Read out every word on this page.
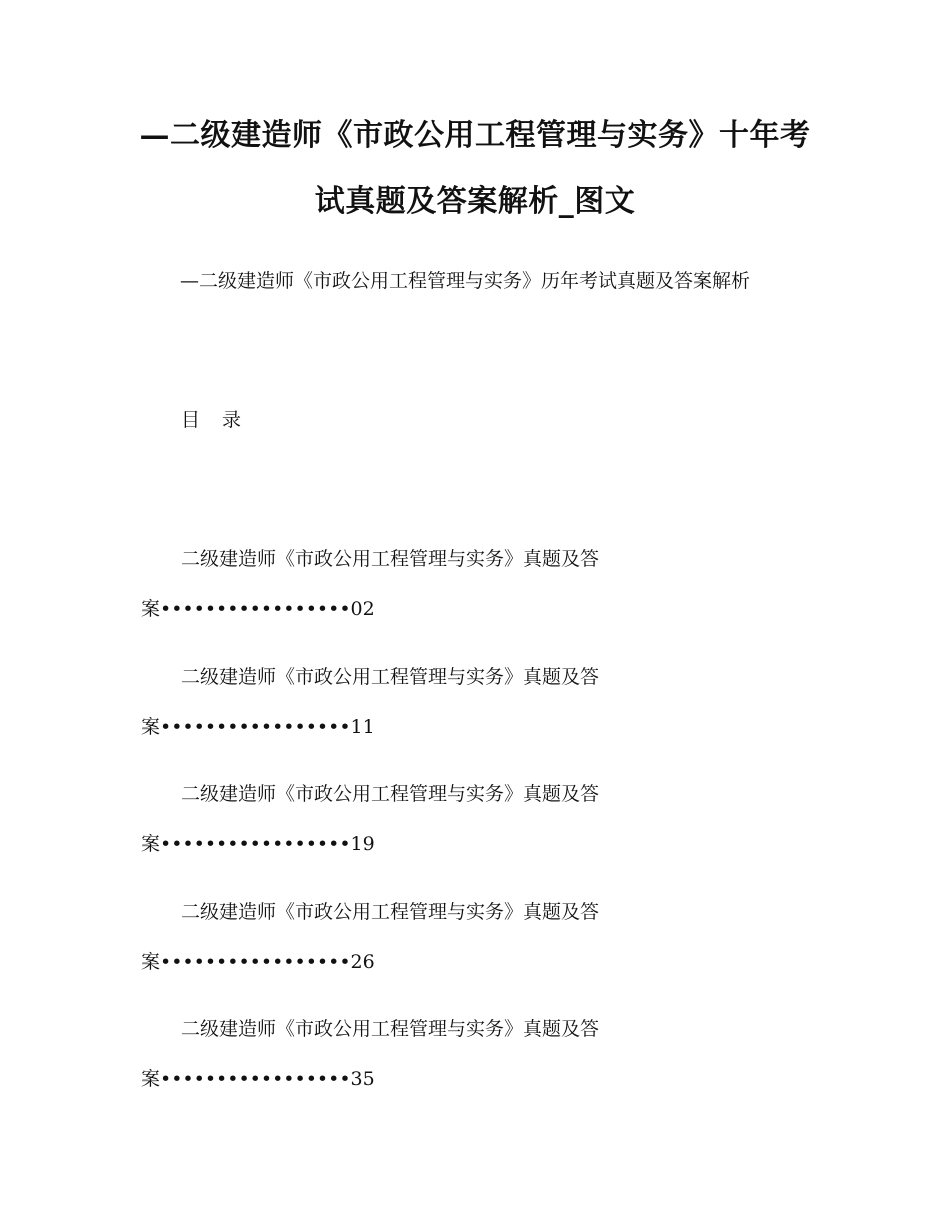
—二级建造师《市政公用工程管理与实务》十年考
试真题及答案解析_图文
—二级建造师《市政公用工程管理与实务》历年考试真题及答案解析
目 录
二级建造师《市政公用工程管理与实务》真题及答
案•••••••••••••••••02
二级建造师《市政公用工程管理与实务》真题及答
案•••••••••••••••••11
二级建造师《市政公用工程管理与实务》真题及答
案•••••••••••••••••19
二级建造师《市政公用工程管理与实务》真题及答
案•••••••••••••••••26
二级建造师《市政公用工程管理与实务》真题及答
案•••••••••••••••••35
